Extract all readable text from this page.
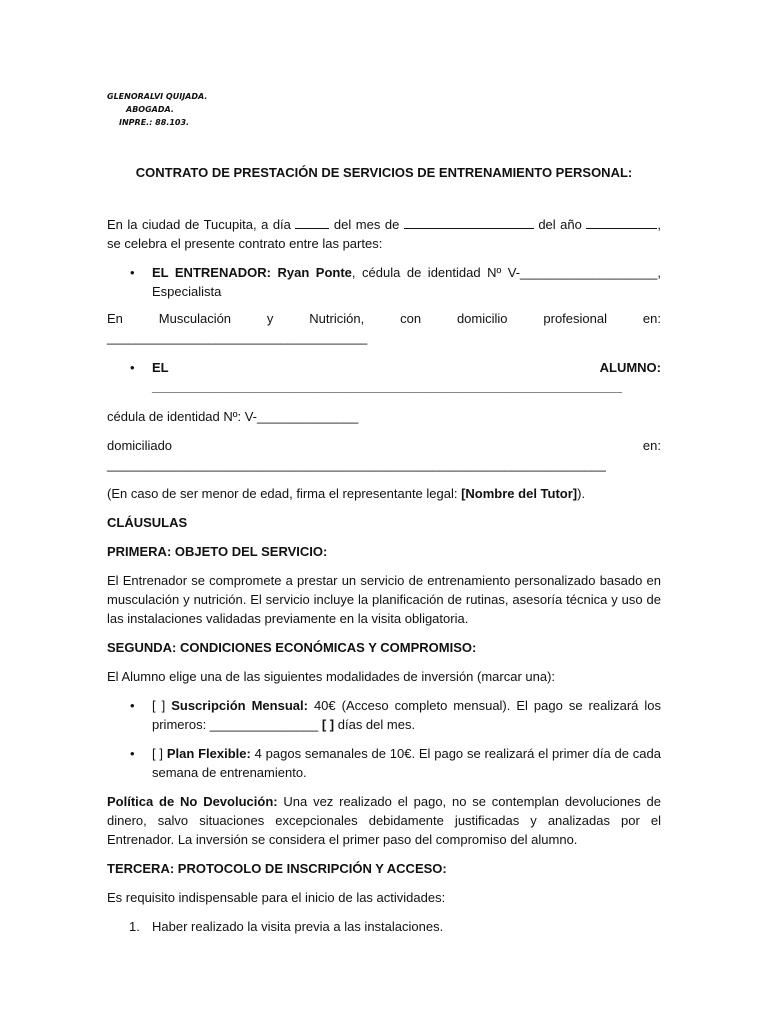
GLENORALVI QUIJADA.
ABOGADA.
INPRE.: 88.103.
CONTRATO DE PRESTACIÓN DE SERVICIOS DE ENTRENAMIENTO PERSONAL:

En la ciudad de Tucupita, a día	del mes de	del año	, se celebra el presente contrato entre las partes:

• EL ENTRENADOR: Ryan Ponte, cédula de identidad Nº V-___________________, Especialista
En	Musculación	y	Nutrición,	con	domicilio	profesional	en:

____________________________________

• EL ALUMNO: _________________________________________________________________

cédula de identidad Nº: V-______________

domiciliado en: _____________________________________________________________________

(En caso de ser menor de edad, firma el representante legal: [Nombre del Tutor]).

CLÁUSULAS

PRIMERA: OBJETO DEL SERVICIO:

El Entrenador se compromete a prestar un servicio de entrenamiento personalizado basado en musculación y nutrición. El servicio incluye la planificación de rutinas, asesoría técnica y uso de las instalaciones validadas previamente en la visita obligatoria.

SEGUNDA: CONDICIONES ECONÓMICAS Y COMPROMISO:

El Alumno elige una de las siguientes modalidades de inversión (marcar una):

• [ ] Suscripción Mensual: 40€ (Acceso completo mensual). El pago se realizará los primeros: _______________ [ ] días del mes.
• [ ] Plan Flexible: 4 pagos semanales de 10€. El pago se realizará el primer día de cada semana de entrenamiento.

Política de No Devolución: Una vez realizado el pago, no se contemplan devoluciones de dinero, salvo situaciones excepcionales debidamente justificadas y analizadas por el Entrenador. La inversión se considera el primer paso del compromiso del alumno.

TERCERA: PROTOCOLO DE INSCRIPCIÓN Y ACCESO:

Es requisito indispensable para el inicio de las actividades:

1. Haber realizado la visita previa a las instalaciones.
